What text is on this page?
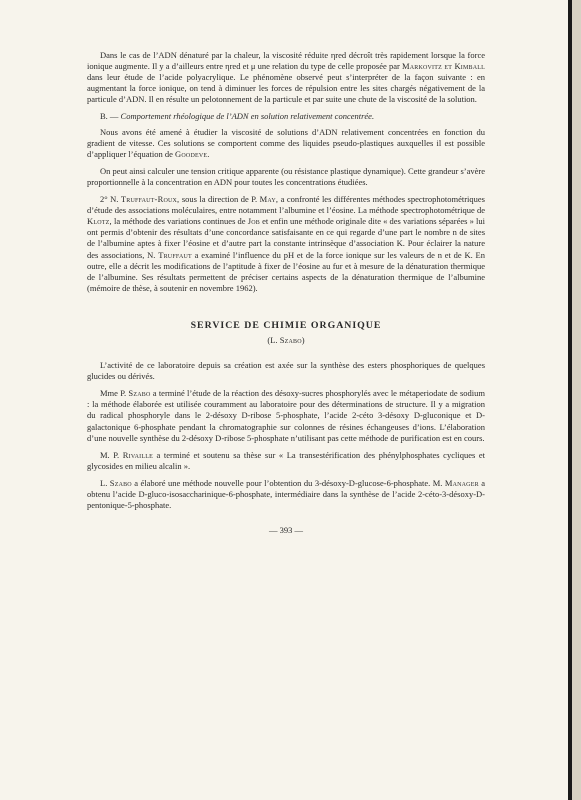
Dans le cas de l’ADN dénaturé par la chaleur, la viscosité réduite ηred décroît très rapidement lorsque la force ionique augmente. Il y a d’ailleurs entre ηred et μ une relation du type de celle proposée par Markovitz et Kimball dans leur étude de l’acide polyacrylique. Le phénomène observé peut s’interpréter de la façon suivante : en augmentant la force ionique, on tend à diminuer les forces de répulsion entre les sites chargés négativement de la particule d’ADN. Il en résulte un pelotonnement de la particule et par suite une chute de la viscosité de la solution.

B. — Comportement rhéologique de l’ADN en solution relativement concentrée.

Nous avons été amené à étudier la viscosité de solutions d’ADN relativement concentrées en fonction du gradient de vitesse. Ces solutions se comportent comme des liquides pseudo-plastiques auxquelles il est possible d’appliquer l’équation de Goodeve.

On peut ainsi calculer une tension critique apparente (ou résistance plastique dynamique). Cette grandeur s’avère proportionnelle à la concentration en ADN pour toutes les concentrations étudiées.

2° N. Truffaut-Roux, sous la direction de P. May, a confronté les différentes méthodes spectrophotométriques d’étude des associations moléculaires, entre notamment l’albumine et l’éosine. La méthode spectrophotométrique de Klotz, la méthode des variations continues de Job et enfin une méthode originale dite « des variations séparées » lui ont permis d’obtenir des résultats d’une concordance satisfaisante en ce qui regarde d’une part le nombre n de sites de l’albumine aptes à fixer l’éosine et d’autre part la constante intrinsèque d’association K. Pour éclairer la nature des associations, N. Truffaut a examiné l’influence du pH et de la force ionique sur les valeurs de n et de K. En outre, elle a décrit les modifications de l’aptitude à fixer de l’éosine au fur et à mesure de la dénaturation thermique de l’albumine. Ses résultats permettent de préciser certains aspects de la dénaturation thermique de l’albumine (mémoire de thèse, à soutenir en novembre 1962).

SERVICE DE CHIMIE ORGANIQUE
(L. Szabo)

L’activité de ce laboratoire depuis sa création est axée sur la synthèse des esters phosphoriques de quelques glucides ou dérivés.

Mme P. Szabo a terminé l’étude de la réaction des désoxy-sucres phosphorylés avec le métaperiodate de sodium : la méthode élaborée est utilisée couramment au laboratoire pour des déterminations de structure. Il y a migration du radical phosphoryle dans le 2-désoxy D-ribose 5-phosphate, l’acide 2-céto 3-désoxy D-gluconique et D-galactonique 6-phosphate pendant la chromatographie sur colonnes de résines échangeuses d’ions. L’élaboration d’une nouvelle synthèse du 2-désoxy D-ribose 5-phosphate n’utilisant pas cette méthode de purification est en cours.

M. P. Rivaille a terminé et soutenu sa thèse sur « La transestérification des phénylphosphates cycliques et glycosides en milieu alcalin ».

L. Szabo a élaboré une méthode nouvelle pour l’obtention du 3-désoxy-D-glucose-6-phosphate. M. Manager a obtenu l’acide D-gluco-isosaccharinique-6-phosphate, intermédiaire dans la synthèse de l’acide 2-céto-3-désoxy-D-pentonique-5-phosphate.

— 393 —
